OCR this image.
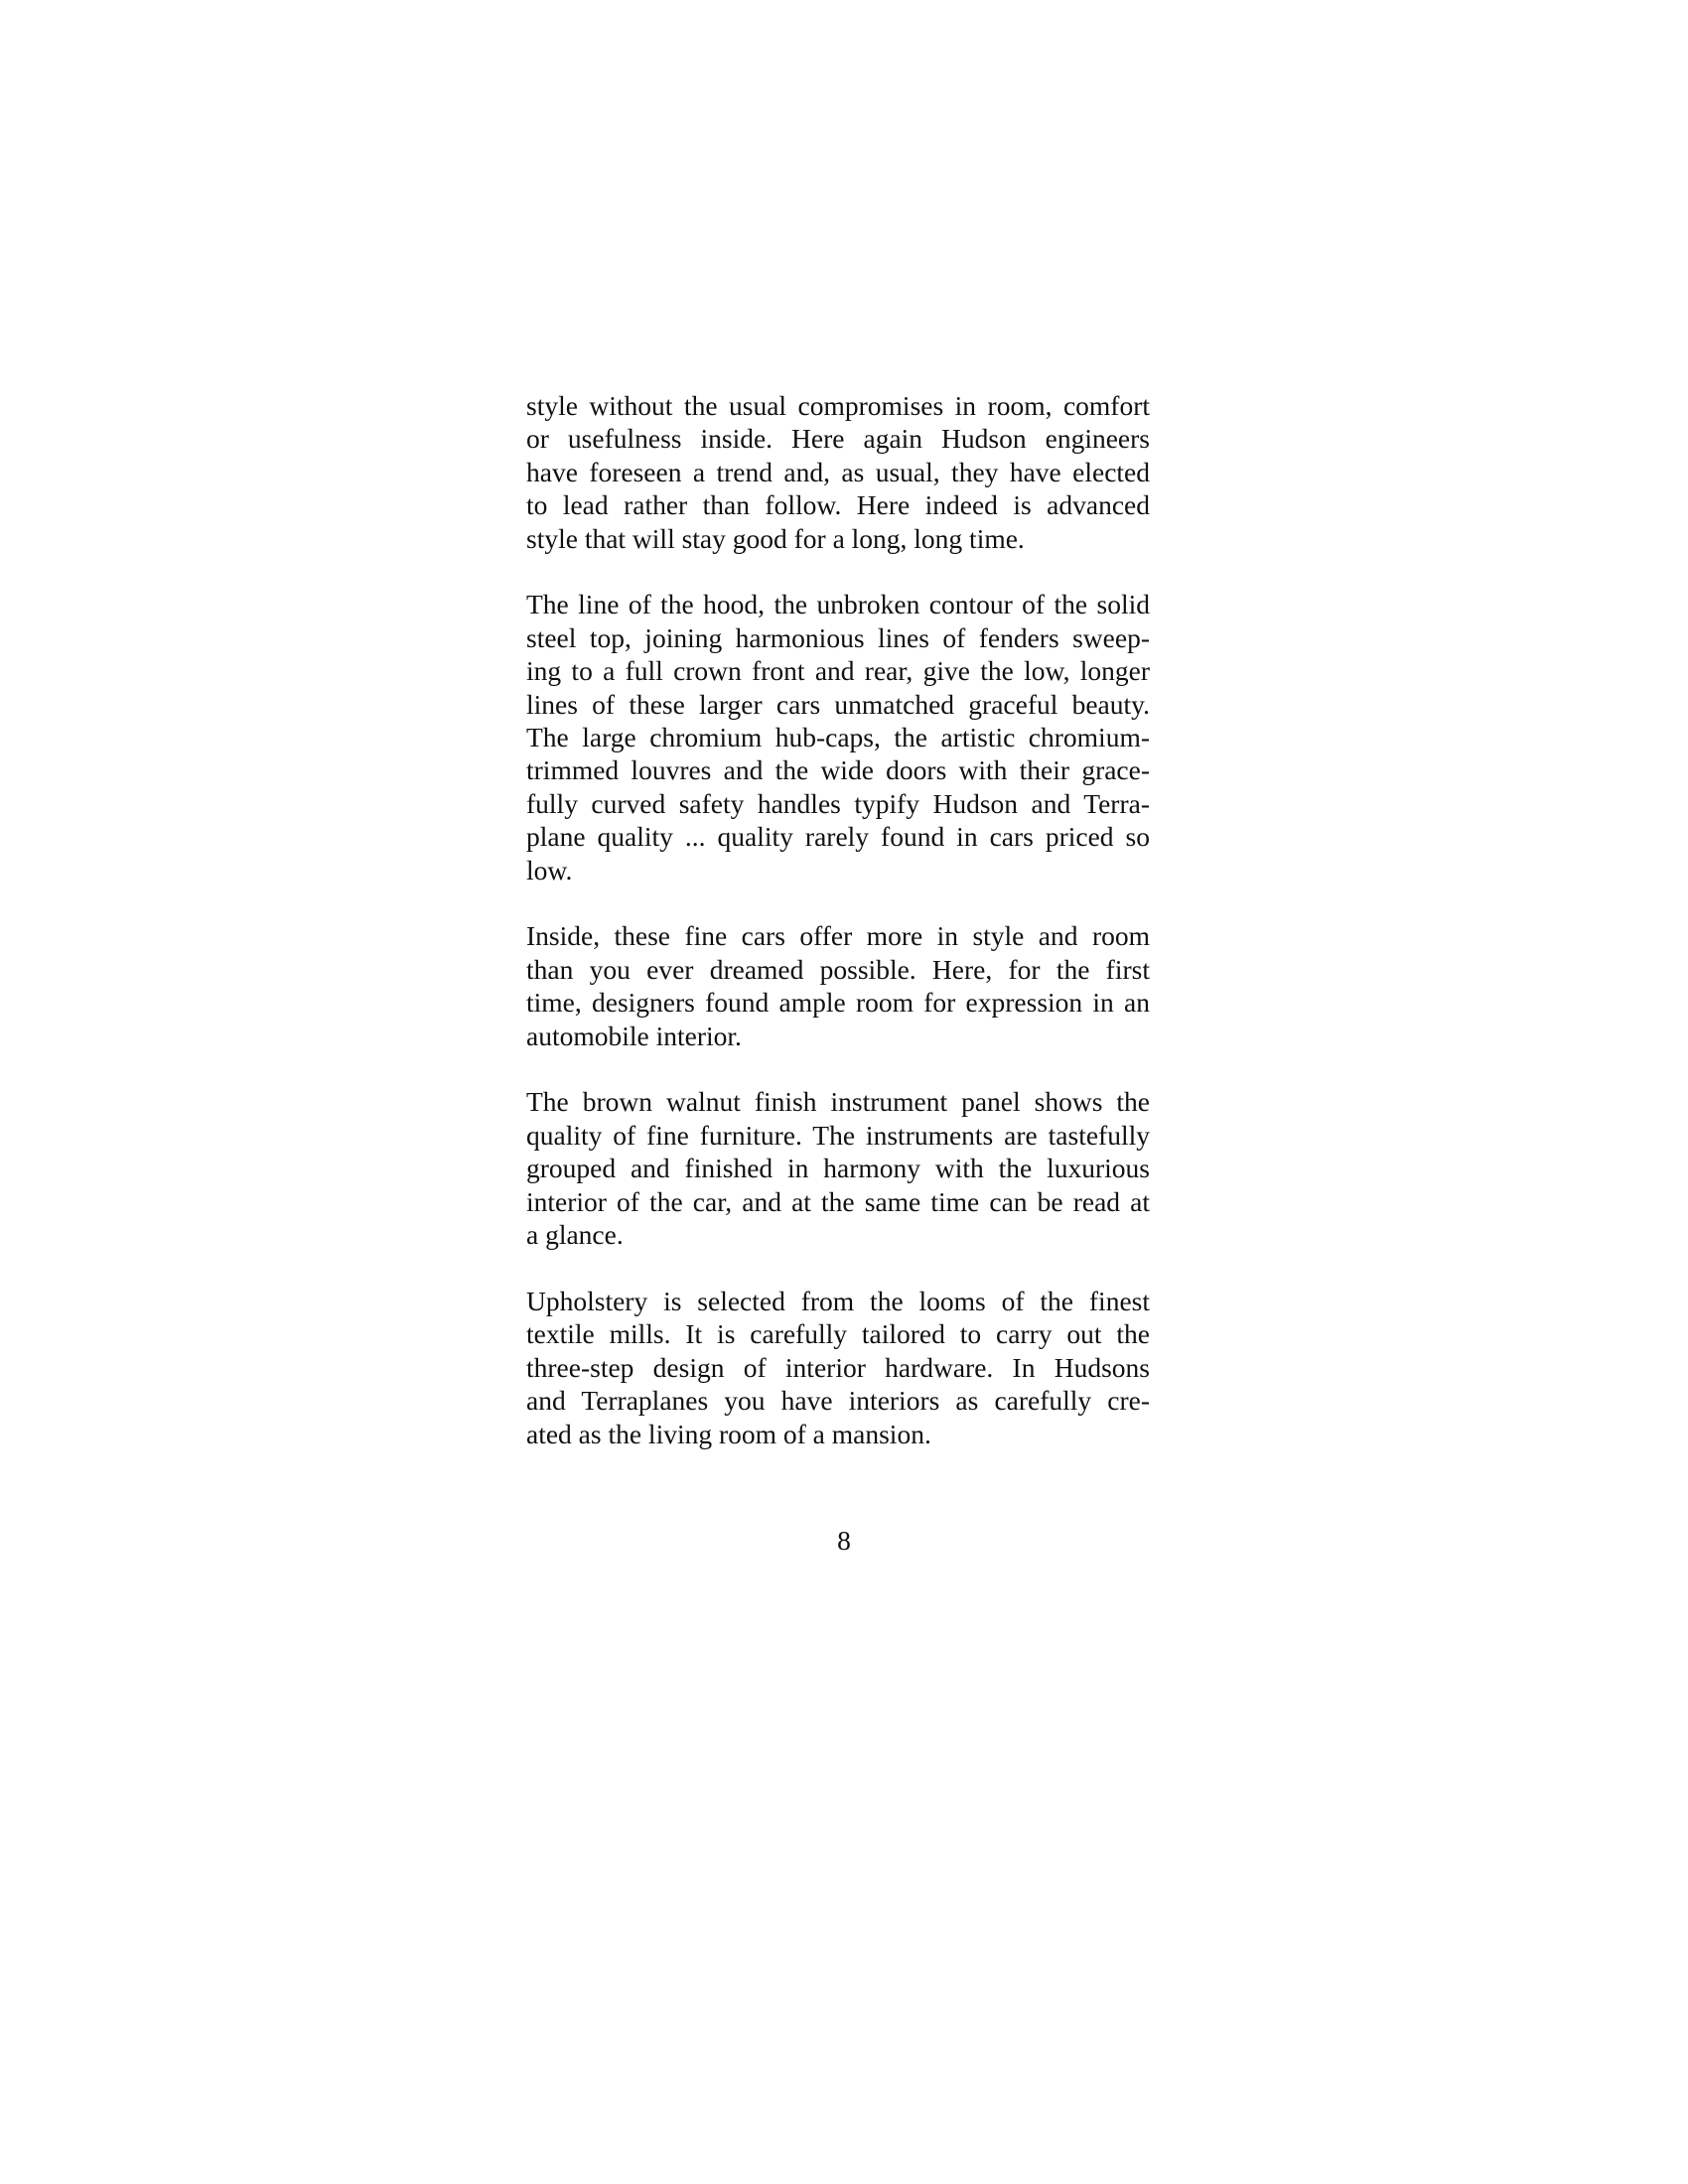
style without the usual compromises in room, comfort
or usefulness inside. Here again Hudson engineers
have foreseen a trend and, as usual, they have elected
to lead rather than follow. Here indeed is advanced
style that will stay good for a long, long time.

The line of the hood, the unbroken contour of the solid
steel top, joining harmonious lines of fenders sweep-
ing to a full crown front and rear, give the low, longer
lines of these larger cars unmatched graceful beauty.
The large chromium hub-caps, the artistic chromium-
trimmed louvres and the wide doors with their grace-
fully curved safety handles typify Hudson and Terra-
plane quality ... quality rarely found in cars priced so
low.

Inside, these fine cars offer more in style and room
than you ever dreamed possible. Here, for the first
time, designers found ample room for expression in an
automobile interior.

The brown walnut finish instrument panel shows the
quality of fine furniture. The instruments are tastefully
grouped and finished in harmony with the luxurious
interior of the car, and at the same time can be read at
a glance.

Upholstery is selected from the looms of the finest
textile mills. It is carefully tailored to carry out the
three-step design of interior hardware. In Hudsons
and Terraplanes you have interiors as carefully cre-
ated as the living room of a mansion.

8
